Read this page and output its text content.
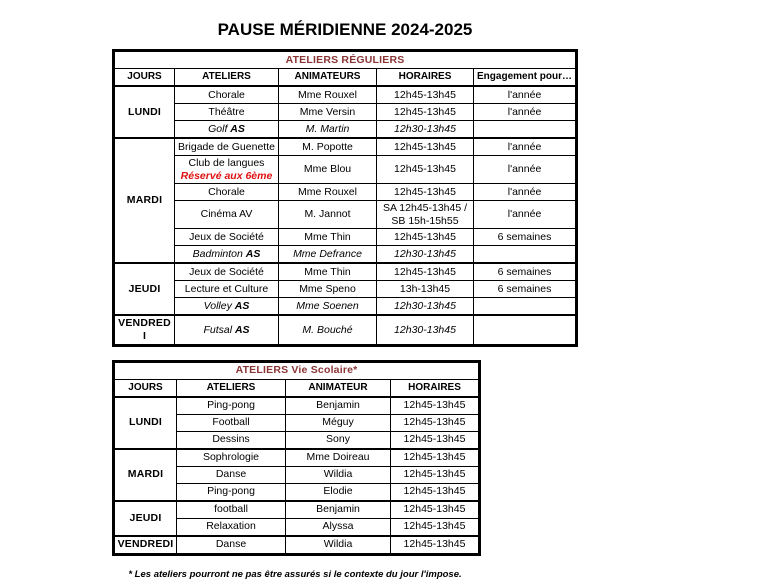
PAUSE MÉRIDIENNE 2024-2025
ATELIERS RÉGULIERS				
JOURS	ATELIERS	ANIMATEURS	HORAIRES	Engagement pour…
LUNDI	Chorale	Mme Rouxel	12h45-13h45	l'année
	Théâtre	Mme Versin	12h45-13h45	l'année
	Golf AS	M. Martin	12h30-13h45	
MARDI	Brigade de Guenette	M. Popotte	12h45-13h45	l'année
	Club de langues Réservé aux 6ème	Mme Blou	12h45-13h45	l'année
	Chorale	Mme Rouxel	12h45-13h45	l'année
	Cinéma AV	M. Jannot	SA 12h45-13h45 / SB 15h-15h55	l'année
	Jeux de Société	Mme Thin	12h45-13h45	6 semaines
	Badminton AS	Mme Defrance	12h30-13h45	
JEUDI	Jeux de Société	Mme Thin	12h45-13h45	6 semaines
	Lecture et Culture	Mme Speno	13h-13h45	6 semaines
	Volley AS	Mme Soenen	12h30-13h45	
VENDREDI	Futsal AS	M. Bouché	12h30-13h45	
ATELIERS Vie Scolaire*			
JOURS	ATELIERS	ANIMATEUR	HORAIRES
LUNDI	Ping-pong	Benjamin	12h45-13h45
	Football	Méguy	12h45-13h45
	Dessins	Sony	12h45-13h45
MARDI	Sophrologie	Mme Doireau	12h45-13h45
	Danse	Wildia	12h45-13h45
	Ping-pong	Elodie	12h45-13h45
JEUDI	football	Benjamin	12h45-13h45
	Relaxation	Alyssa	12h45-13h45
VENDREDI	Danse	Wildia	12h45-13h45
* Les ateliers pourront ne pas être assurés si le contexte du jour l'impose.
